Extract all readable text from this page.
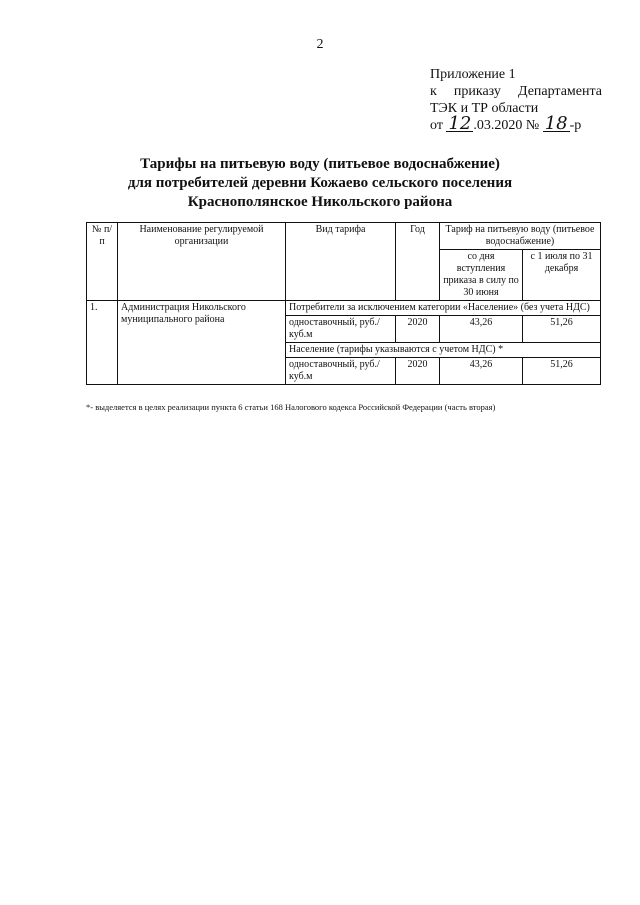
2
Приложение 1
к приказу Департамента
ТЭК и ТР области
от 12 .03.2020 № 18 -р
Тарифы на питьевую воду (питьевое водоснабжение)
для потребителей деревни Кожаево сельского поселения
Краснополянское Никольского района
№ п/п	Наименование регулируемой организации	Вид тарифа	Год	Тариф на питьевую воду (питьевое водоснабжение)	
				со дня вступления приказа в силу по 30 июня	с 1 июля по 31 декабря
1.	Администрация Никольского муниципального района	Потребители за исключением категории «Население» (без учета НДС)			
		одноставочный, руб./куб.м	2020	43,26	51,26
		Население (тарифы указываются с учетом НДС) *			
		одноставочный, руб./куб.м	2020	43,26	51,26
*- выделяется в целях реализации пункта 6 статьи 168 Налогового кодекса Российской Федерации (часть вторая)
